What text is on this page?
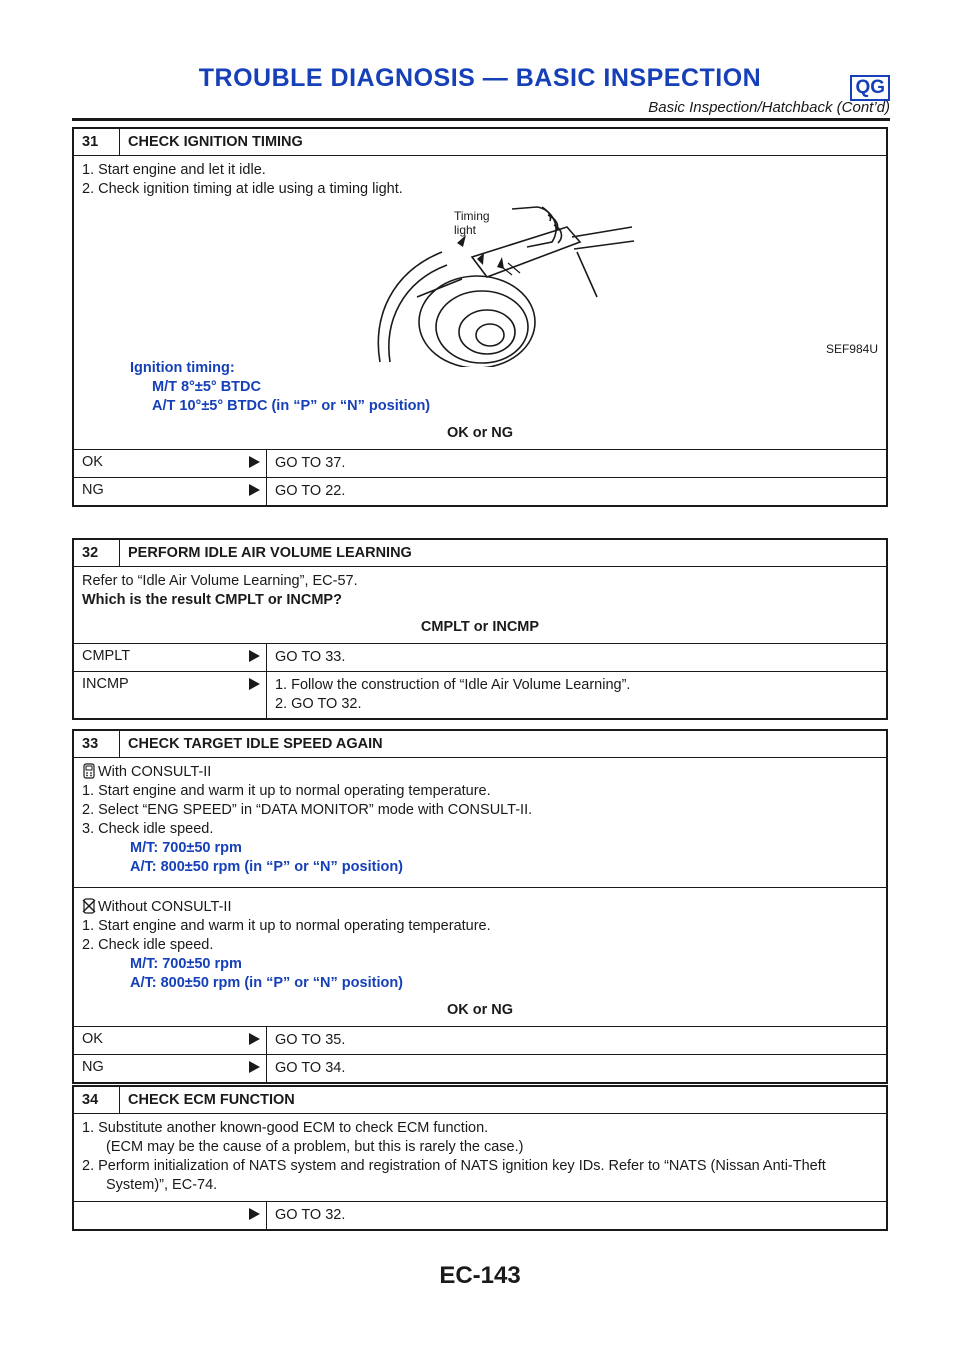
TROUBLE DIAGNOSIS — BASIC INSPECTION	QG
Basic Inspection/Hatchback (Cont’d)
31	CHECK IGNITION TIMING
1. Start engine and let it idle.
2. Check ignition timing at idle using a timing light.
Timing light
SEF984U
Ignition timing:
M/T 8°±5° BTDC
A/T 10°±5° BTDC (in “P” or “N” position)
OK or NG
OK	GO TO 37.
NG	GO TO 22.
32	PERFORM IDLE AIR VOLUME LEARNING
Refer to “Idle Air Volume Learning”, EC-57.
Which is the result CMPLT or INCMP?
CMPLT or INCMP
CMPLT	GO TO 33.
INCMP	1. Follow the construction of “Idle Air Volume Learning”.
2. GO TO 32.
33	CHECK TARGET IDLE SPEED AGAIN
With CONSULT-II
1. Start engine and warm it up to normal operating temperature.
2. Select “ENG SPEED” in “DATA MONITOR” mode with CONSULT-II.
3. Check idle speed.
M/T: 700±50 rpm
A/T: 800±50 rpm (in “P” or “N” position)
Without CONSULT-II
1. Start engine and warm it up to normal operating temperature.
2. Check idle speed.
M/T: 700±50 rpm
A/T: 800±50 rpm (in “P” or “N” position)
OK or NG
OK	GO TO 35.
NG	GO TO 34.
34	CHECK ECM FUNCTION
1. Substitute another known-good ECM to check ECM function.
(ECM may be the cause of a problem, but this is rarely the case.)
2. Perform initialization of NATS system and registration of NATS ignition key IDs. Refer to “NATS (Nissan Anti-Theft
System)”, EC-74.
GO TO 32.
EC-143
